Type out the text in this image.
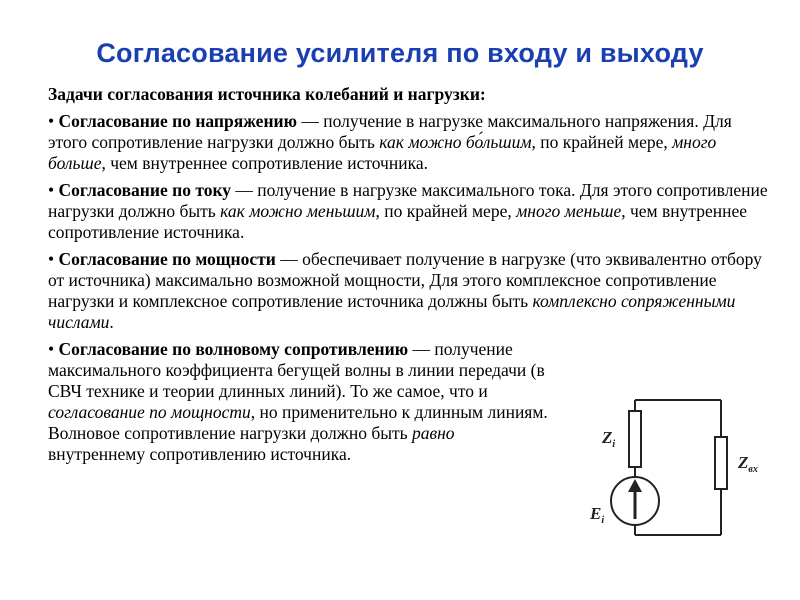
Согласование усилителя по входу и выходу
Задачи согласования источника колебаний и нагрузки:
• Согласование по напряжению — получение в нагрузке максимального напряжения. Для этого сопротивление нагрузки должно быть как можно бо́льшим, по крайней мере, много больше, чем внутреннее сопротивление источника.
• Согласование по току — получение в нагрузке максимального тока. Для этого сопротивление нагрузки должно быть как можно меньшим, по крайней мере, много меньше, чем внутреннее сопротивление источника.
• Согласование по мощности — обеспечивает получение в нагрузке (что эквивалентно отбору от источника) максимально возможной мощности, Для этого комплексное сопротивление нагрузки и комплексное сопротивление источника должны быть комплексно сопряженными числами.
• Согласование по волновому сопротивлению — получение максимального коэффициента бегущей волны в линии передачи (в СВЧ технике и теории длинных линий). То же самое, что и согласование по мощности, но применительно к длинным линиям. Волновое сопротивление нагрузки должно быть равно внутреннему сопротивлению источника.
$Z_i$
$Z_{вх}$
$E_i$
